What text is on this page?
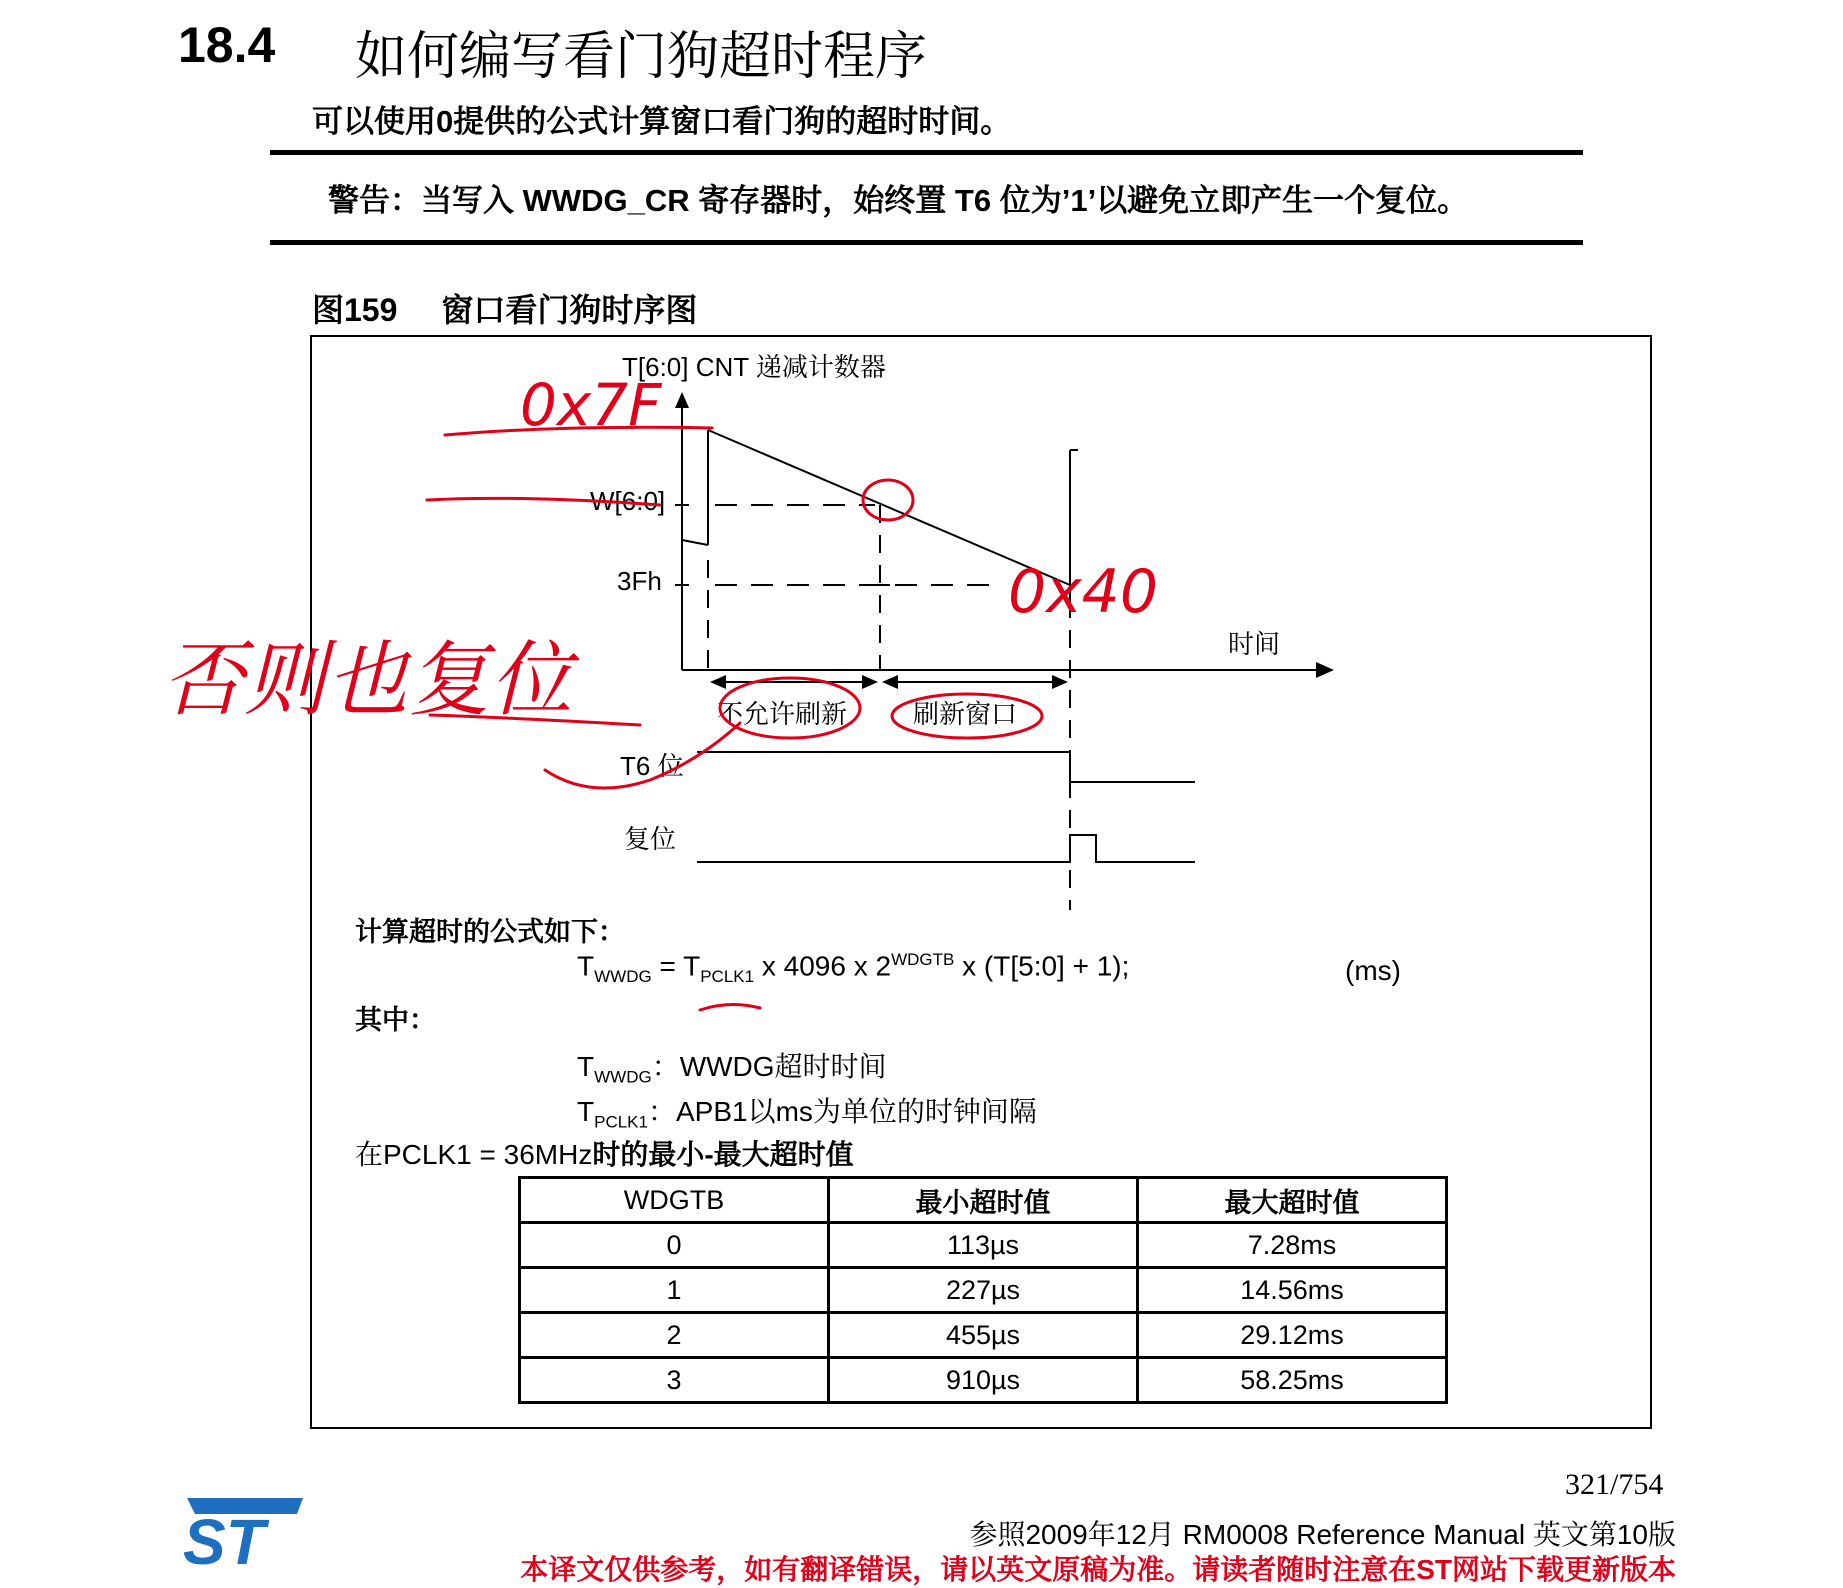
18.4 如何编写看门狗超时程序
可以使用0提供的公式计算窗口看门狗的超时时间。
警告：当写入 WWDG_CR 寄存器时，始终置 T6 位为’1’以避免立即产生一个复位。
图159 窗口看门狗时序图
T[6:0] CNT 递减计数器
W[6:0]
3Fh
时间
不允许刷新	刷新窗口
T6 位
复位
0x7F
0x40
否则也复位
计算超时的公式如下：
$T_{WWDG} = T_{PCLK1}$ x 4096 x $2^{WDGTB}$ x (T[5:0] + 1);	(ms)
其中：
$T_{WWDG}$：WWDG超时时间
$T_{PCLK1}$：APB1以ms为单位的时钟间隔
在PCLK1 = 36MHz时的最小-最大超时值
WDGTB	最小超时值	最大超时值
0	113µs	7.28ms
1	227µs	14.56ms
2	455µs	29.12ms
3	910µs	58.25ms
321/754
参照2009年12月 RM0008 Reference Manual 英文第10版
本译文仅供参考，如有翻译错误，请以英文原稿为准。请读者随时注意在ST网站下载更新版本
ST
